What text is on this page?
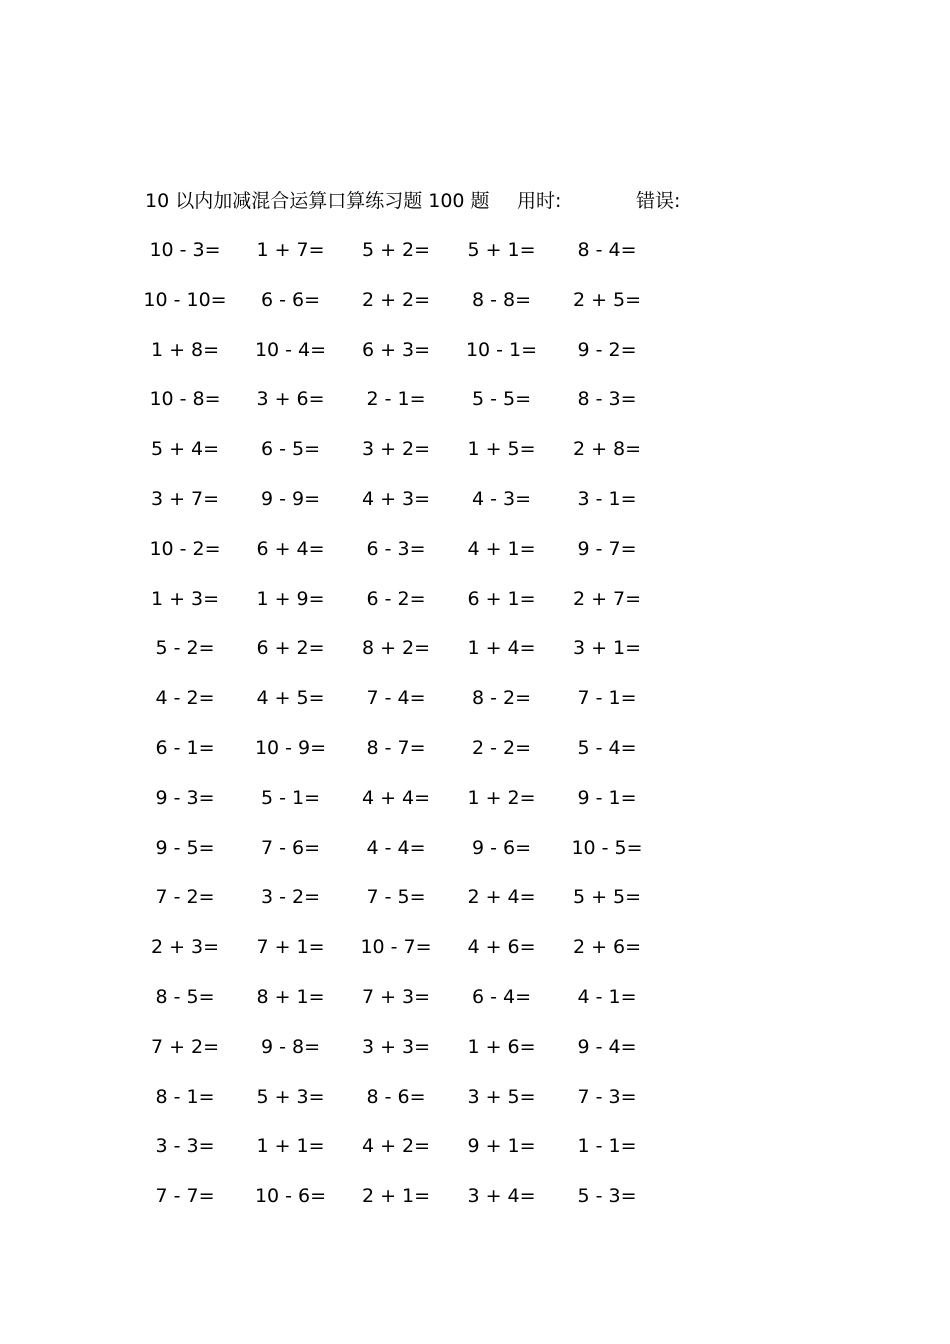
10 以内加减混合运算口算练习题 100 题 用时:	错误:
10 - 3=	1 + 7=	5 + 2=	5 + 1=	8 - 4=
10 - 10=	6 - 6=	2 + 2=	8 - 8=	2 + 5=
1 + 8=	10 - 4=	6 + 3=	10 - 1=	9 - 2=
10 - 8=	3 + 6=	2 - 1=	5 - 5=	8 - 3=
5 + 4=	6 - 5=	3 + 2=	1 + 5=	2 + 8=
3 + 7=	9 - 9=	4 + 3=	4 - 3=	3 - 1=
10 - 2=	6 + 4=	6 - 3=	4 + 1=	9 - 7=
1 + 3=	1 + 9=	6 - 2=	6 + 1=	2 + 7=
5 - 2=	6 + 2=	8 + 2=	1 + 4=	3 + 1=
4 - 2=	4 + 5=	7 - 4=	8 - 2=	7 - 1=
6 - 1=	10 - 9=	8 - 7=	2 - 2=	5 - 4=
9 - 3=	5 - 1=	4 + 4=	1 + 2=	9 - 1=
9 - 5=	7 - 6=	4 - 4=	9 - 6=	10 - 5=
7 - 2=	3 - 2=	7 - 5=	2 + 4=	5 + 5=
2 + 3=	7 + 1=	10 - 7=	4 + 6=	2 + 6=
8 - 5=	8 + 1=	7 + 3=	6 - 4=	4 - 1=
7 + 2=	9 - 8=	3 + 3=	1 + 6=	9 - 4=
8 - 1=	5 + 3=	8 - 6=	3 + 5=	7 - 3=
3 - 3=	1 + 1=	4 + 2=	9 + 1=	1 - 1=
7 - 7=	10 - 6=	2 + 1=	3 + 4=	5 - 3=
